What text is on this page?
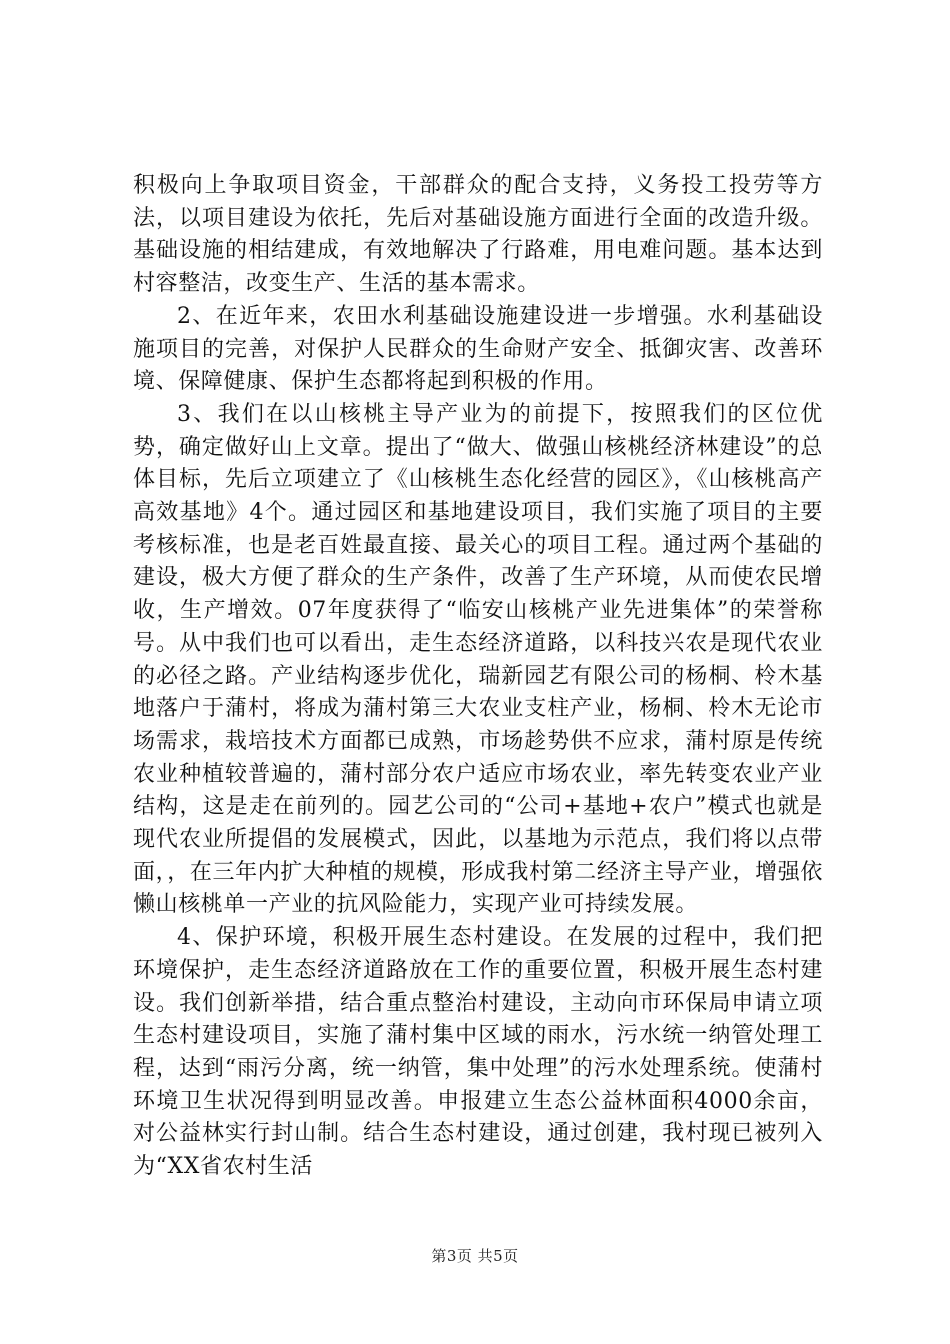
积极向上争取项目资金，干部群众的配合支持，义务投工投劳等方法，以项目建设为依托，先后对基础设施方面进行全面的改造升级。基础设施的相结建成，有效地解决了行路难，用电难问题。基本达到村容整洁，改变生产、生活的基本需求。

2、在近年来，农田水利基础设施建设进一步增强。水利基础设施项目的完善，对保护人民群众的生命财产安全、抵御灾害、改善环境、保障健康、保护生态都将起到积极的作用。

3、我们在以山核桃主导产业为的前提下，按照我们的区位优势，确定做好山上文章。提出了“做大、做强山核桃经济林建设”的总体目标，先后立项建立了《山核桃生态化经营的园区》，《山核桃高产高效基地》4个。通过园区和基地建设项目，我们实施了项目的主要考核标准，也是老百姓最直接、最关心的项目工程。通过两个基础的建设，极大方便了群众的生产条件，改善了生产环境，从而使农民增收，生产增效。07年度获得了“临安山核桃产业先进集体”的荣誉称号。从中我们也可以看出，走生态经济道路，以科技兴农是现代农业的必径之路。产业结构逐步优化，瑞新园艺有限公司的杨桐、柃木基地落户于蒲村，将成为蒲村第三大农业支柱产业，杨桐、柃木无论市场需求，栽培技术方面都已成熟，市场趁势供不应求，蒲村原是传统农业种植较普遍的，蒲村部分农户适应市场农业，率先转变农业产业结构，这是走在前列的。园艺公司的“公司+基地+农户”模式也就是现代农业所提倡的发展模式，因此，以基地为示范点，我们将以点带面，，在三年内扩大种植的规模，形成我村第二经济主导产业，增强依懒山核桃单一产业的抗风险能力，实现产业可持续发展。

4、保护环境，积极开展生态村建设。在发展的过程中，我们把环境保护，走生态经济道路放在工作的重要位置，积极开展生态村建设。我们创新举措，结合重点整治村建设，主动向市环保局申请立项生态村建设项目，实施了蒲村集中区域的雨水，污水统一纳管处理工程，达到“雨污分离，统一纳管，集中处理”的污水处理系统。使蒲村环境卫生状况得到明显改善。申报建立生态公益林面积4000余亩，对公益林实行封山制。结合生态村建设，通过创建，我村现已被列入为“XX省农村生活

第3页 共5页
